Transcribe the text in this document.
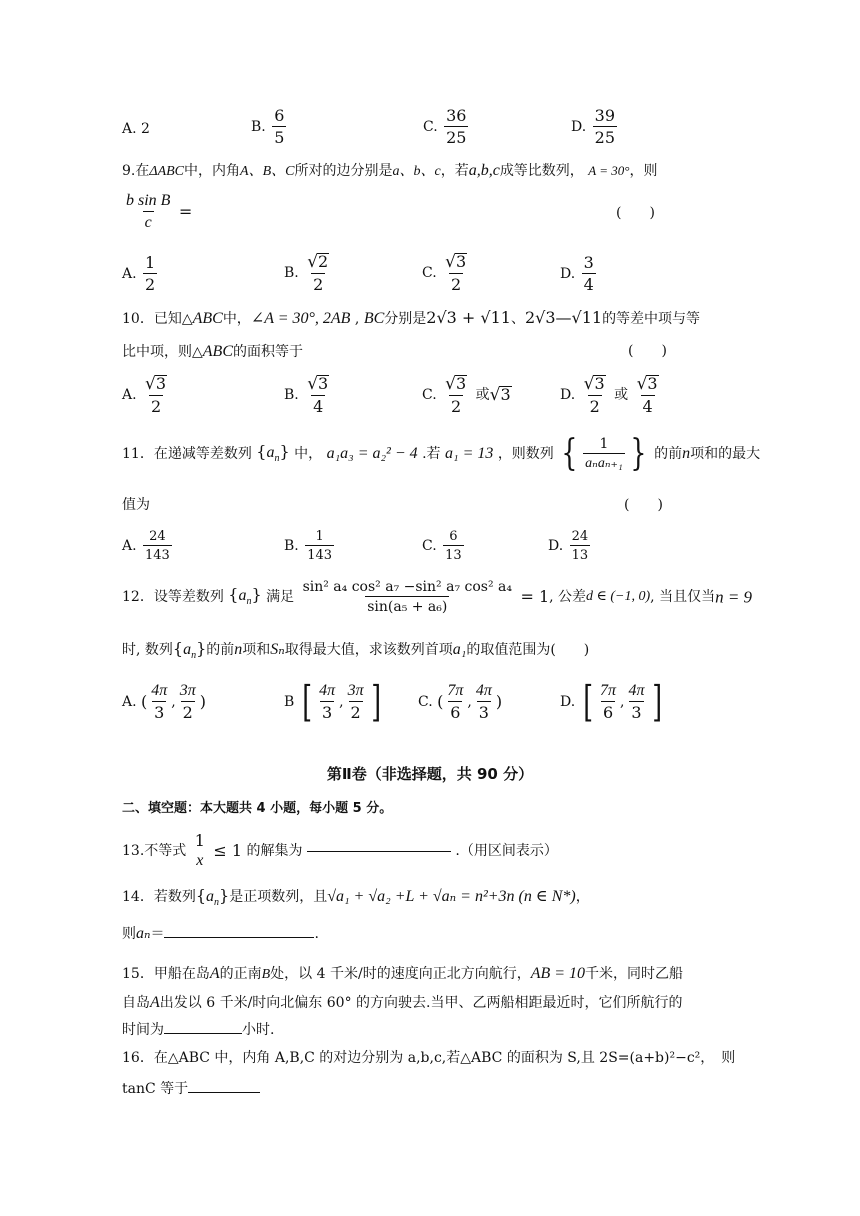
A. 2	B. $\frac{6}{5}$	C. $\frac{36}{25}$	D. $\frac{39}{25}$
9.在ΔABC中，内角A、B、C所对的边分别是a、b、c，若a,b,c成等比数列， A = 30°，则
$\frac{\text{b sin B}}{c}$ =	(　　)
A. $\frac{1}{2}$	B. $\frac{√2}{2}$	C. $\frac{√3}{2}$	D. $\frac{3}{4}$
10．已知△ABC中，∠A = 30°, 2AB , BC分别是2√3 + √11、2√3—√11的等差中项与等
比中项，则△ABC的面积等于	(　　)
A. $\frac{√3}{2}$	B. $\frac{√3}{4}$	C. $\frac{√3}{2}$ 或√3	D. $\frac{√3}{2}$ 或 $\frac{√3}{4}$
11．在递减等差数列 $\{a_n\}$ 中， a₁a₃ = a₂² − 4 .若 a₁ = 13 ，则数列 { $\frac{1}{\text{aₙaₙ₊₁}}$ } 的前n项和的最大
值为	(　　)
A. $\frac{24}{143}$	B. $\frac{1}{143}$	C. $\frac{6}{13}$	D. $\frac{24}{13}$
12．设等差数列 $\{a_n\}$ 满足 $\frac{\text{sin² a₄ cos² a₇ −sin² a₇ cos² a₄}}{\text{sin(a₅ + a₆)}} = 1$, 公差d ∈ (−1, 0), 当且仅当n = 9
时, 数列$\{a_n\}$的前n项和Sₙ取得最大值，求该数列首项a₁的取值范围为(　　)
A. ( $\frac{4\pi}{3}$ , $\frac{3\pi}{2}$ )	B [ $\frac{4\pi}{3}$ , $\frac{3\pi}{2}$ ]	C. ( $\frac{7\pi}{6}$ , $\frac{4\pi}{3}$ )	D. [ $\frac{7\pi}{6}$ , $\frac{4\pi}{3}$ ]
第Ⅱ卷（非选择题，共 90 分）
二、填空题：本大题共 4 小题，每小题 5 分。
13.不等式
1
x
≤ 1 的解集为	.（用区间表示）
14．若数列$\{a_n\}$是正项数列，且√a₁ + √a₂ +L + √aₙ = n²+3n (n ∈ N*)，
则aₙ＝	.
15．甲船在岛A的正南B处，以 4 千米/时的速度向正北方向航行，AB = 10千米，同时乙船
自岛A出发以 6 千米/时向北偏东 60° 的方向驶去.当甲、乙两船相距最近时，它们所航行的
时间为	小时.
16．在△ABC 中，内角 A,B,C 的对边分别为 a,b,c,若△ABC 的面积为 S,且 2S=(a+b)²−c²，　则
tanC 等于
